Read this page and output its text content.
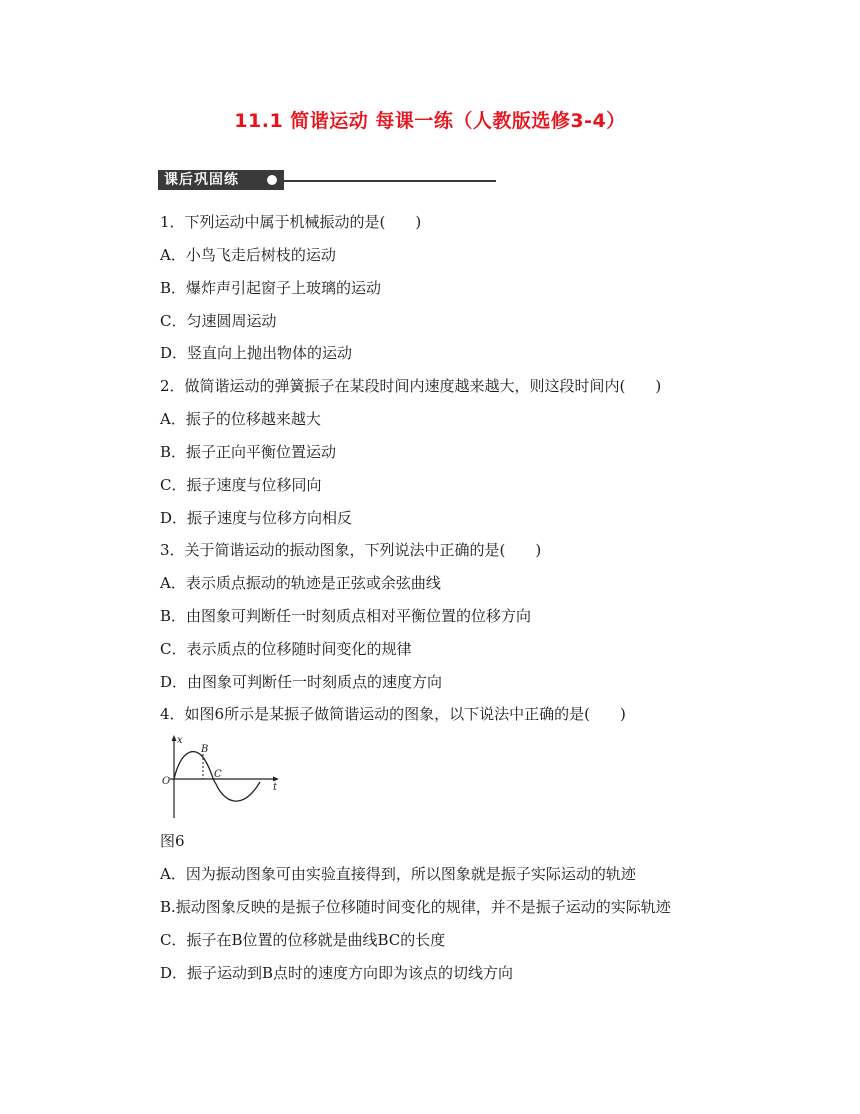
11.1 简谐运动 每课一练（人教版选修3-4）
课后巩固练
1．下列运动中属于机械振动的是(　　)
A．小鸟飞走后树枝的运动
B．爆炸声引起窗子上玻璃的运动
C．匀速圆周运动
D．竖直向上抛出物体的运动
2．做简谐运动的弹簧振子在某段时间内速度越来越大，则这段时间内(　　)
A．振子的位移越来越大
B．振子正向平衡位置运动
C．振子速度与位移同向
D．振子速度与位移方向相反
3．关于简谐运动的振动图象，下列说法中正确的是(　　)
A．表示质点振动的轨迹是正弦或余弦曲线
B．由图象可判断任一时刻质点相对平衡位置的位移方向
C．表示质点的位移随时间变化的规律
D．由图象可判断任一时刻质点的速度方向
4．如图6所示是某振子做简谐运动的图象，以下说法中正确的是(　　)
x
B
C
O
t
图6
A．因为振动图象可由实验直接得到，所以图象就是振子实际运动的轨迹
B.振动图象反映的是振子位移随时间变化的规律，并不是振子运动的实际轨迹
C．振子在B位置的位移就是曲线BC的长度
D．振子运动到B点时的速度方向即为该点的切线方向
